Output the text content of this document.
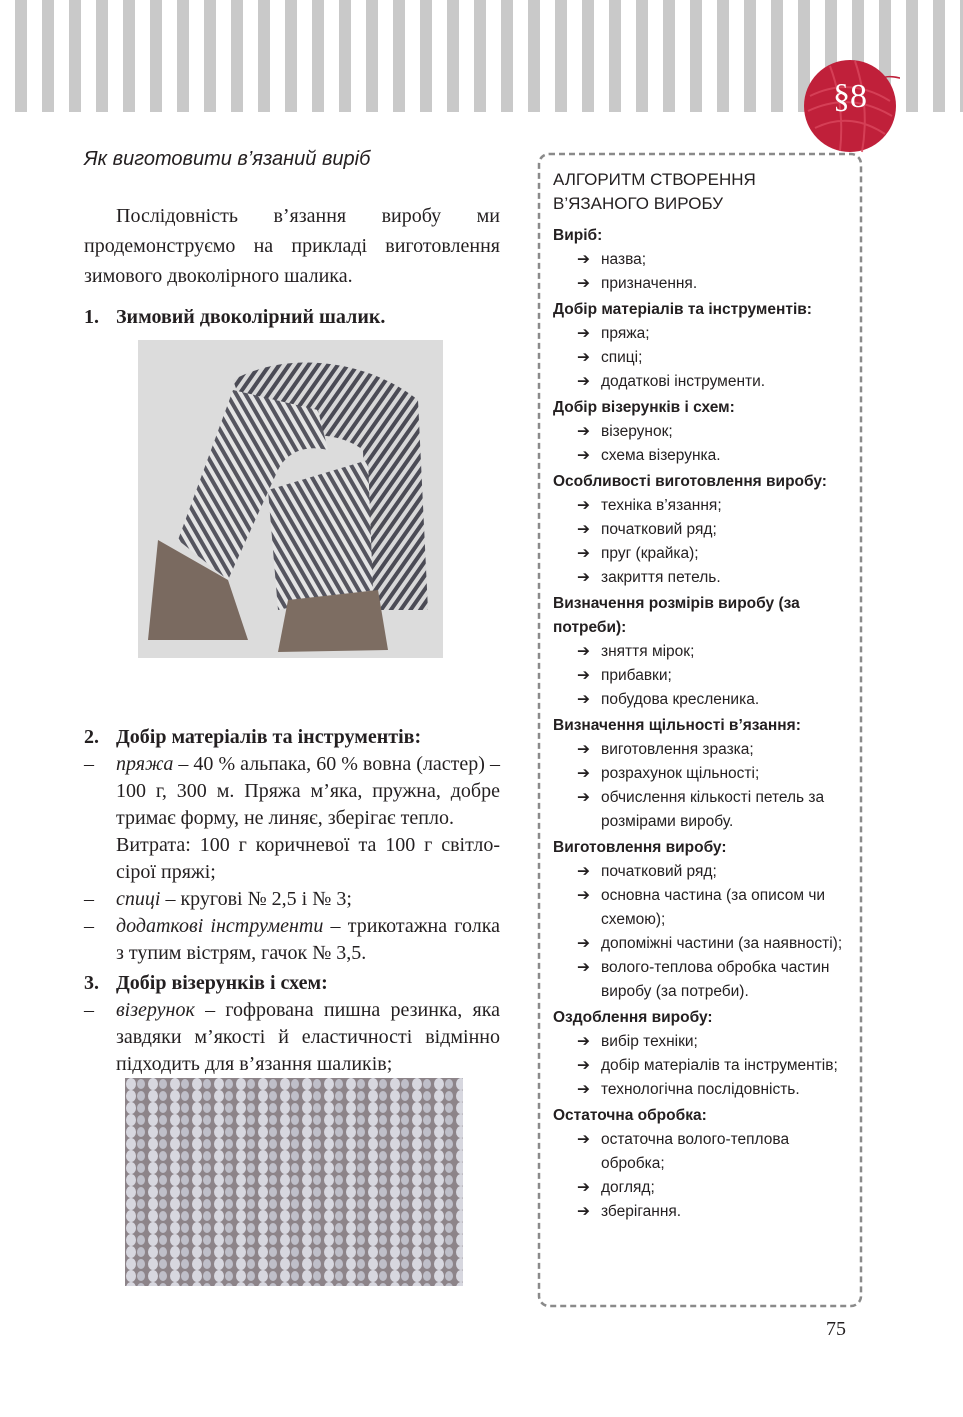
§8

Як виготовити в’язаний виріб

Послідовність в’язання виробу ми продемонструємо на прикладі виготовлення зимового двоколірного шалика.

1. Зимовий двоколірний шалик.
2. Добір матеріалів та інструментів:
–	пряжа – 40 % альпака, 60 % вовна (ластер) – 100 г, 300 м. Пряжа м’яка, пружна, добре тримає форму, не линяє, зберігає тепло.
Витрата: 100 г коричневої та 100 г світло-сірої пряжі;
–	спиці – кругові № 2,5 і № 3;
–	додаткові інструменти – трикотажна голка з тупим вістрям, гачок № 3,5.
3. Добір візерунків і схем:
–	візерунок – гофрована пишна резинка, яка завдяки м’якості й еластичності відмінно підходить для в’язання шаликів;
АЛГОРИТМ СТВОРЕННЯ
В’ЯЗАНОГО ВИРОБУ
Виріб:
➔ назва;
➔ призначення.
Добір матеріалів та інструментів:
➔ пряжа;
➔ спиці;
➔ додаткові інструменти.
Добір візерунків і схем:
➔ візерунок;
➔ схема візерунка.
Особливості виготовлення виробу:
➔ техніка в’язання;
➔ початковий ряд;
➔ пруг (крайка);
➔ закриття петель.
Визначення розмірів виробу (за потреби):
➔ зняття мірок;
➔ прибавки;
➔ побудова кресленика.
Визначення щільності в’язання:
➔ виготовлення зразка;
➔ розрахунок щільності;
➔ обчислення кількості петель за розмірами виробу.
Виготовлення виробу:
➔ початковий ряд;
➔ основна частина (за описом чи схемою);
➔ допоміжні частини (за наявності);
➔ волого-теплова обробка частин виробу (за потреби).
Оздоблення виробу:
➔ вибір техніки;
➔ добір матеріалів та інструментів;
➔ технологічна послідовність.
Остаточна обробка:
➔ остаточна волого-теплова обробка;
➔ догляд;
➔ зберігання.
75
